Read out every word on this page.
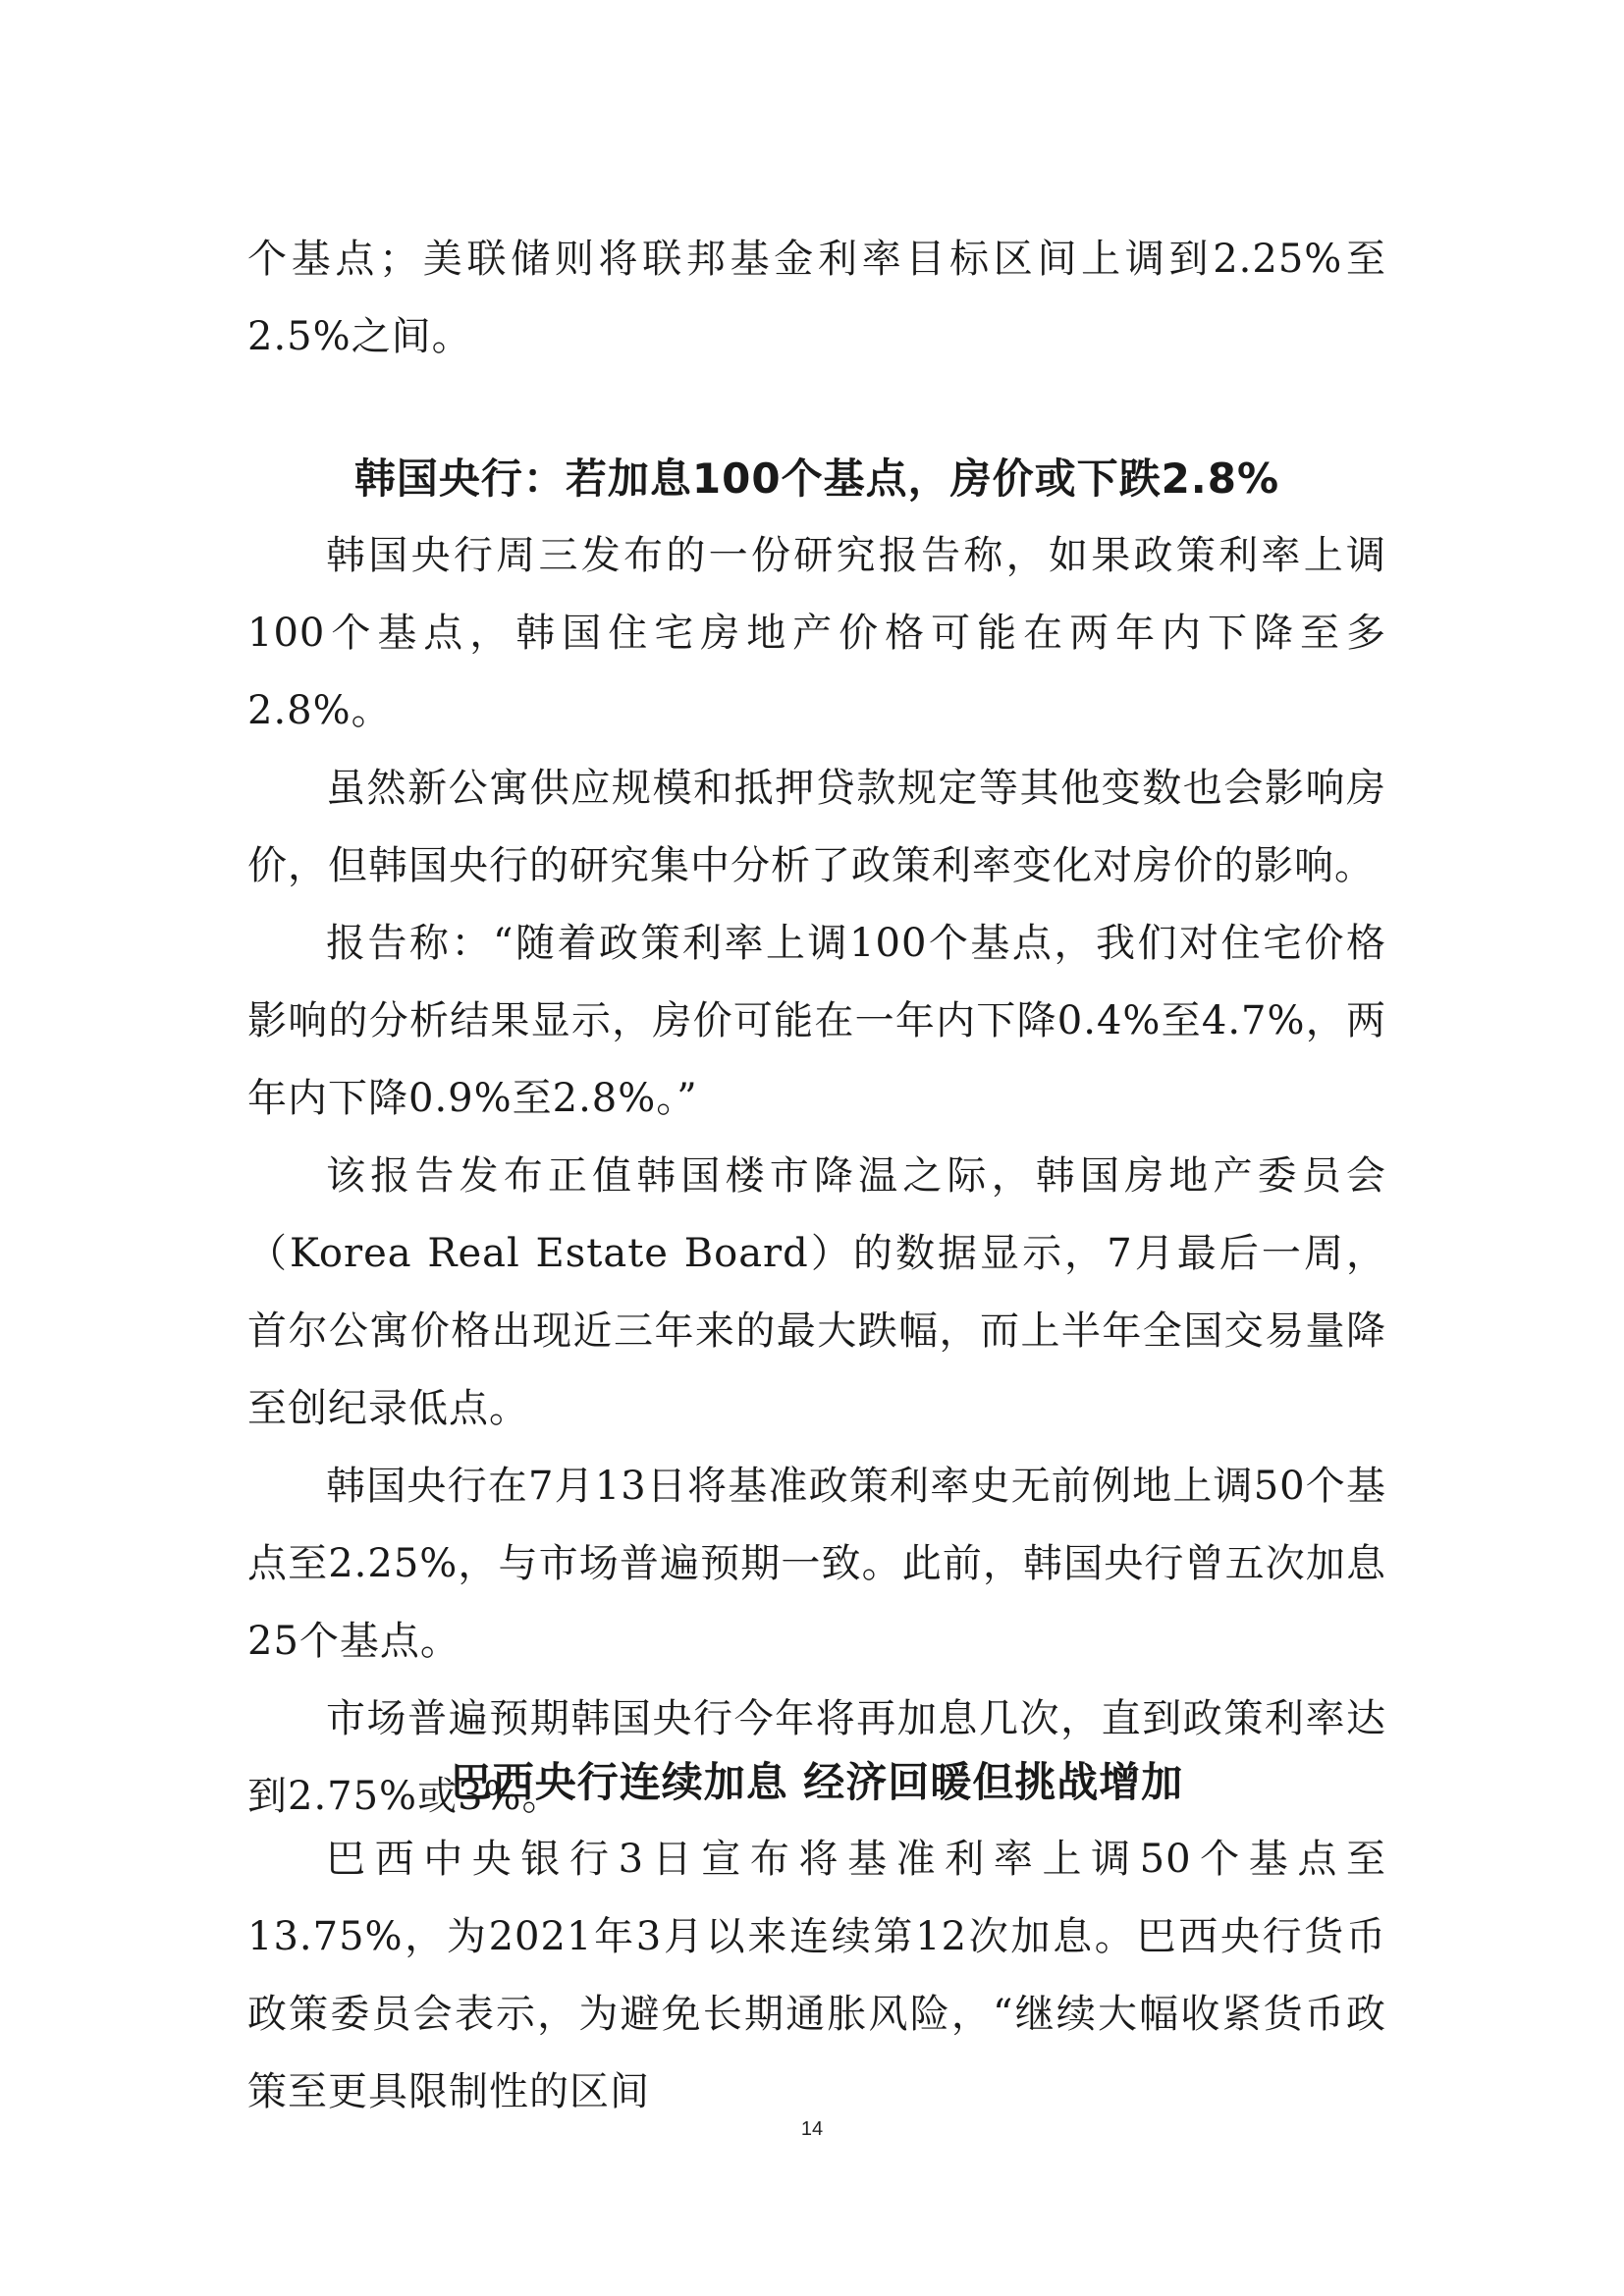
个基点；美联储则将联邦基金利率目标区间上调到2.25%至2.5%之间。

韩国央行：若加息100个基点，房价或下跌2.8%

韩国央行周三发布的一份研究报告称，如果政策利率上调100个基点，韩国住宅房地产价格可能在两年内下降至多2.8%。

虽然新公寓供应规模和抵押贷款规定等其他变数也会影响房价，但韩国央行的研究集中分析了政策利率变化对房价的影响。

报告称：“随着政策利率上调100个基点，我们对住宅价格影响的分析结果显示，房价可能在一年内下降0.4%至4.7%，两年内下降0.9%至2.8%。”

该报告发布正值韩国楼市降温之际，韩国房地产委员会（Korea Real Estate Board）的数据显示，7月最后一周，首尔公寓价格出现近三年来的最大跌幅，而上半年全国交易量降至创纪录低点。

韩国央行在7月13日将基准政策利率史无前例地上调50个基点至2.25%，与市场普遍预期一致。此前，韩国央行曾五次加息25个基点。

市场普遍预期韩国央行今年将再加息几次，直到政策利率达到2.75%或3%。

巴西央行连续加息 经济回暖但挑战增加

巴西中央银行3日宣布将基准利率上调50个基点至13.75%，为2021年3月以来连续第12次加息。巴西央行货币政策委员会表示，为避免长期通胀风险，“继续大幅收紧货币政策至更具限制性的区间

14
